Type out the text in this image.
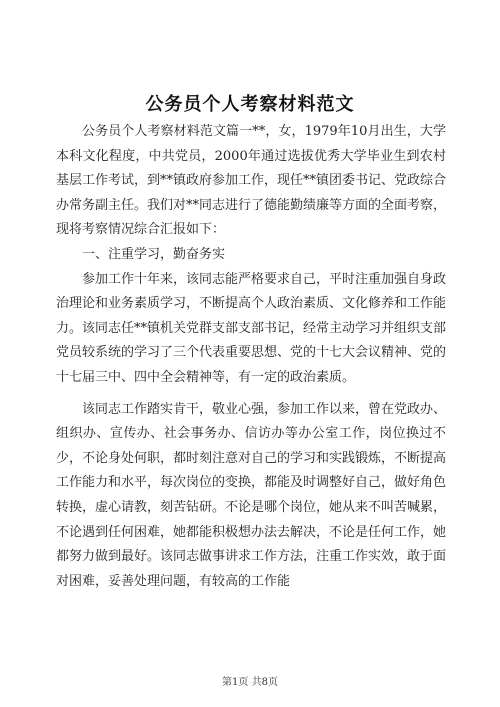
公务员个人考察材料范文

公务员个人考察材料范文篇一**，女，1979年10月出生，大学本科文化程度，中共党员，2000年通过选拔优秀大学毕业生到农村基层工作考试，到**镇政府参加工作，现任**镇团委书记、党政综合办常务副主任。我们对**同志进行了德能勤绩廉等方面的全面考察，现将考察情况综合汇报如下：

一、注重学习，勤奋务实

参加工作十年来，该同志能严格要求自己，平时注重加强自身政治理论和业务素质学习，不断提高个人政治素质、文化修养和工作能力。该同志任**镇机关党群支部支部书记，经常主动学习并组织支部党员较系统的学习了三个代表重要思想、党的十七大会议精神、党的十七届三中、四中全会精神等，有一定的政治素质。

该同志工作踏实肯干，敬业心强，参加工作以来，曾在党政办、组织办、宣传办、社会事务办、信访办等办公室工作，岗位换过不少，不论身处何职，都时刻注意对自己的学习和实践锻炼，不断提高工作能力和水平，每次岗位的变换，都能及时调整好自己，做好角色转换，虚心请教，刻苦钻研。不论是哪个岗位，她从来不叫苦喊累，不论遇到任何困难，她都能积极想办法去解决，不论是任何工作，她都努力做到最好。该同志做事讲求工作方法，注重工作实效，敢于面对困难，妥善处理问题，有较高的工作能

第1页 共8页
